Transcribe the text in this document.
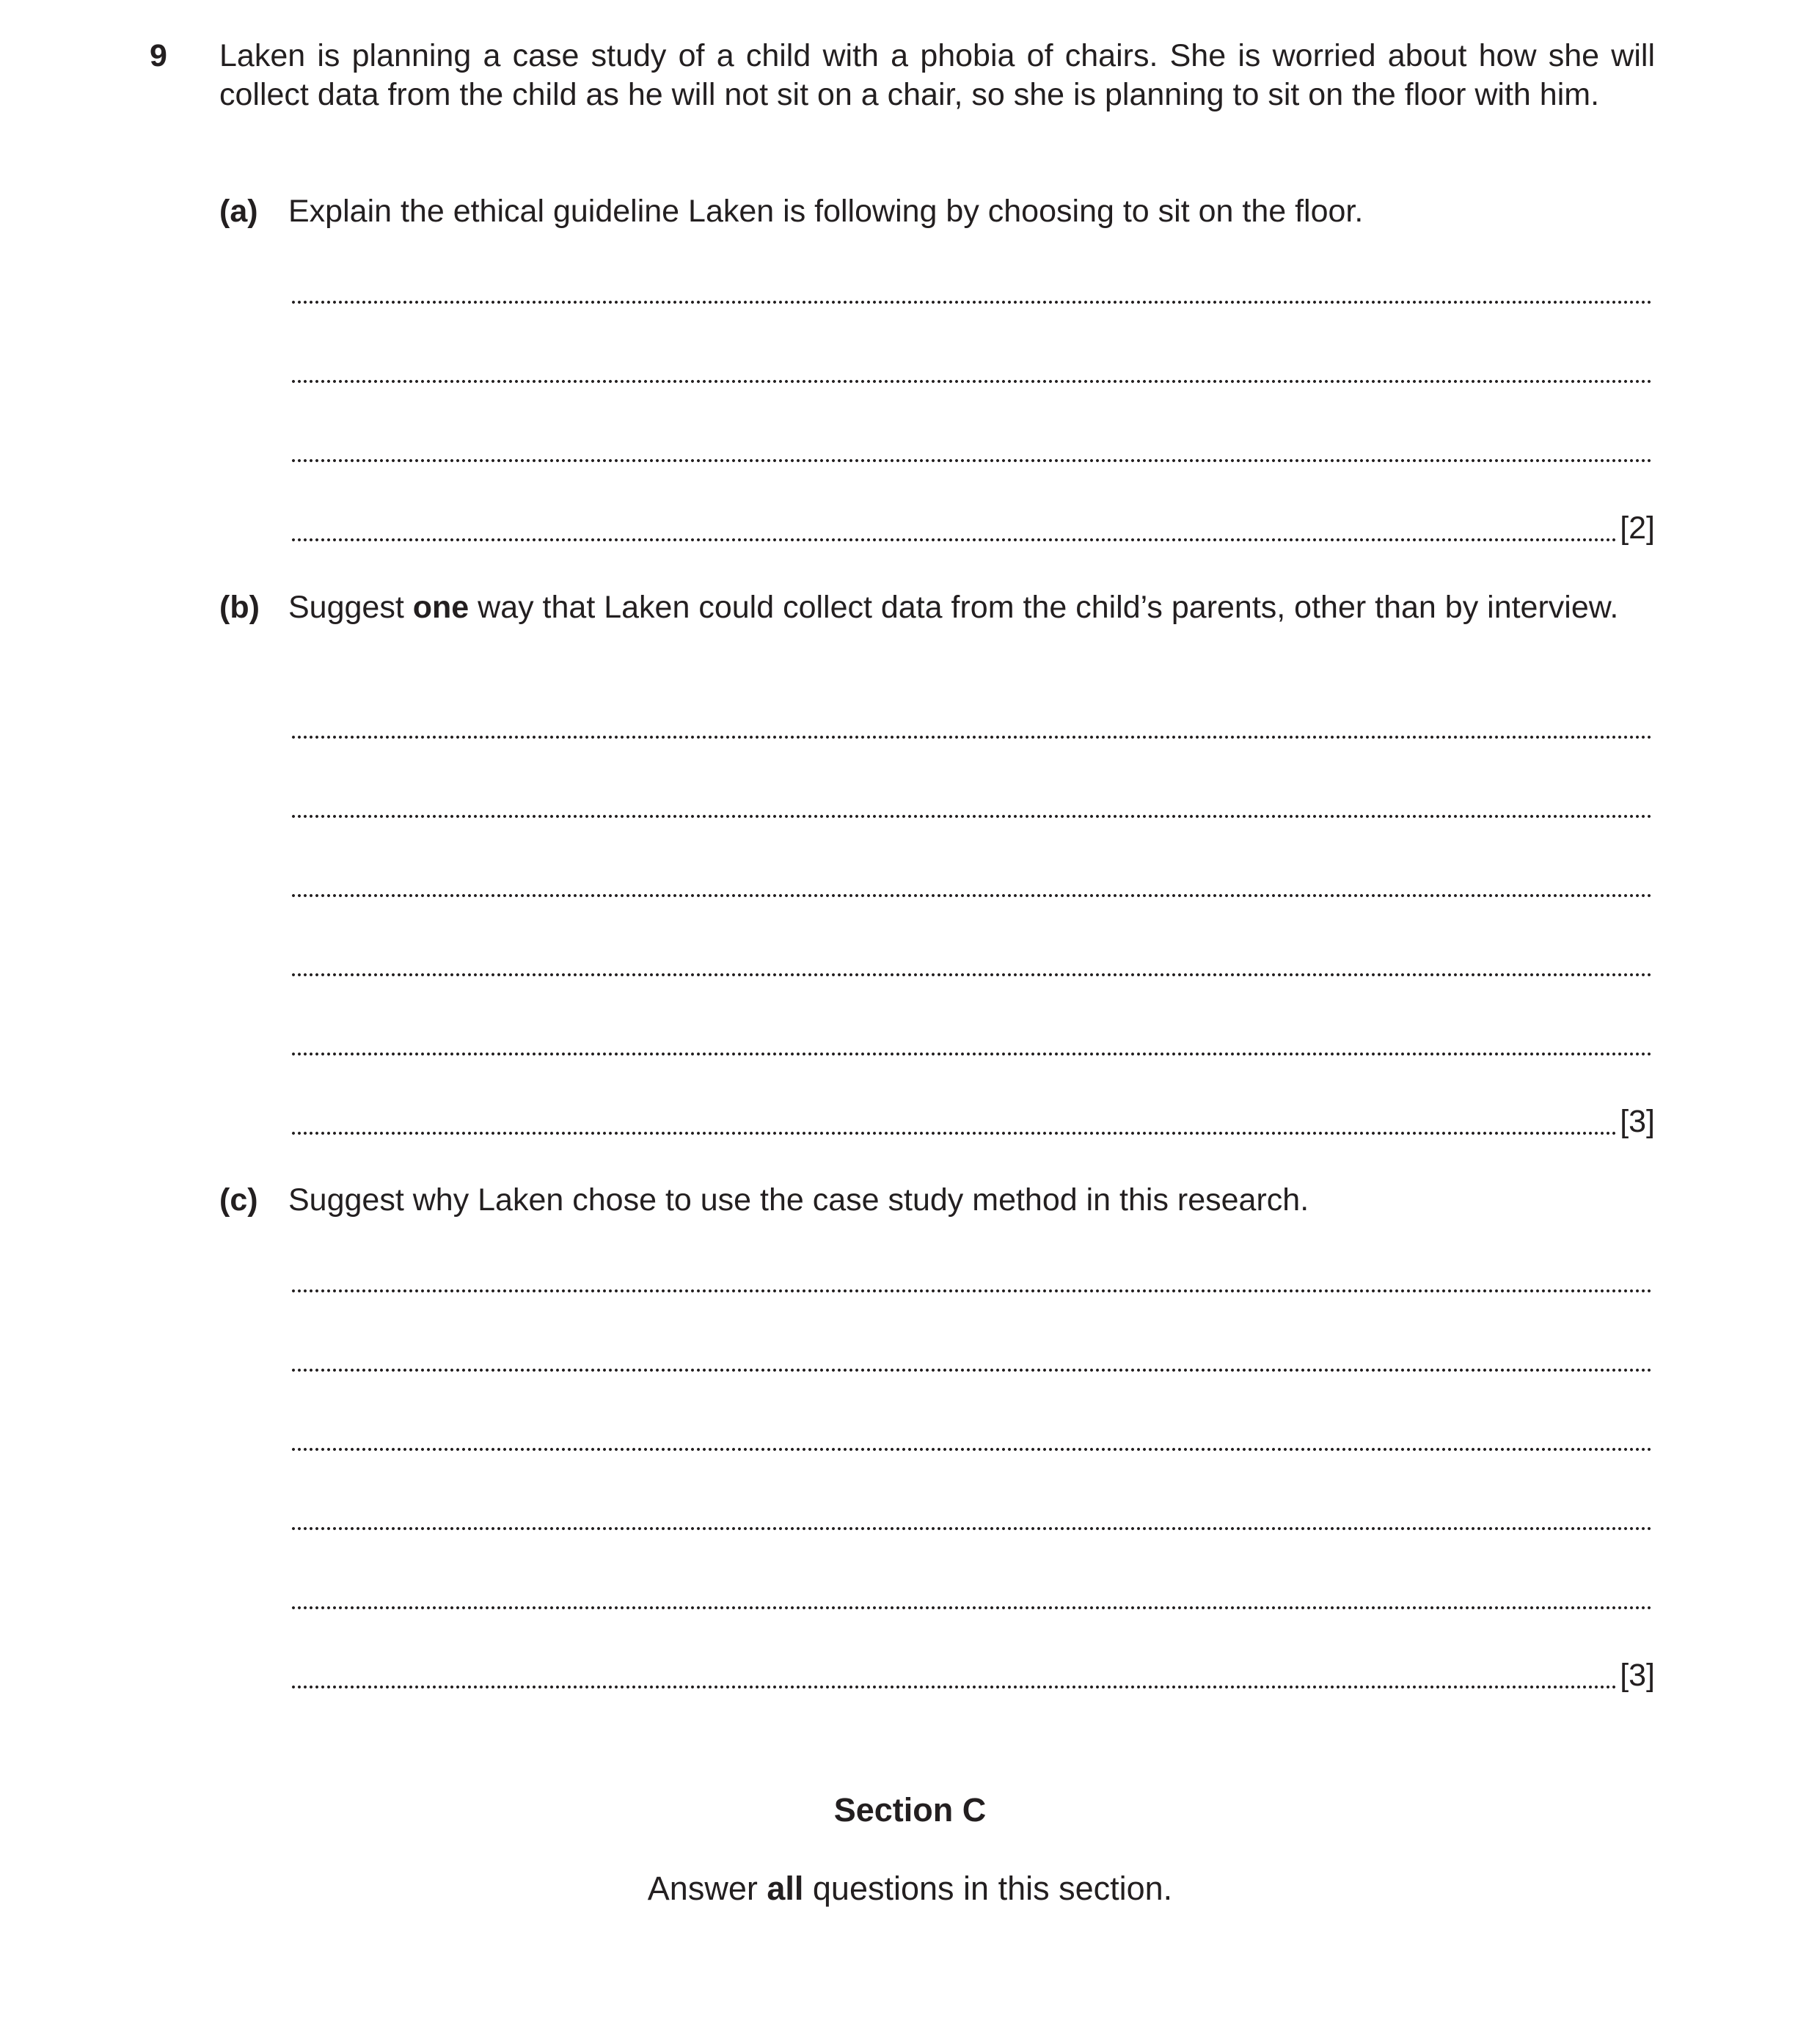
9 Laken is planning a case study of a child with a phobia of chairs. She is worried about how she will collect data from the child as he will not sit on a chair, so she is planning to sit on the floor with him.
(a) Explain the ethical guideline Laken is following by choosing to sit on the floor.
[2]
(b) Suggest one way that Laken could collect data from the child’s parents, other than by interview.
[3]
(c) Suggest why Laken chose to use the case study method in this research.
[3]
Section C
Answer all questions in this section.
